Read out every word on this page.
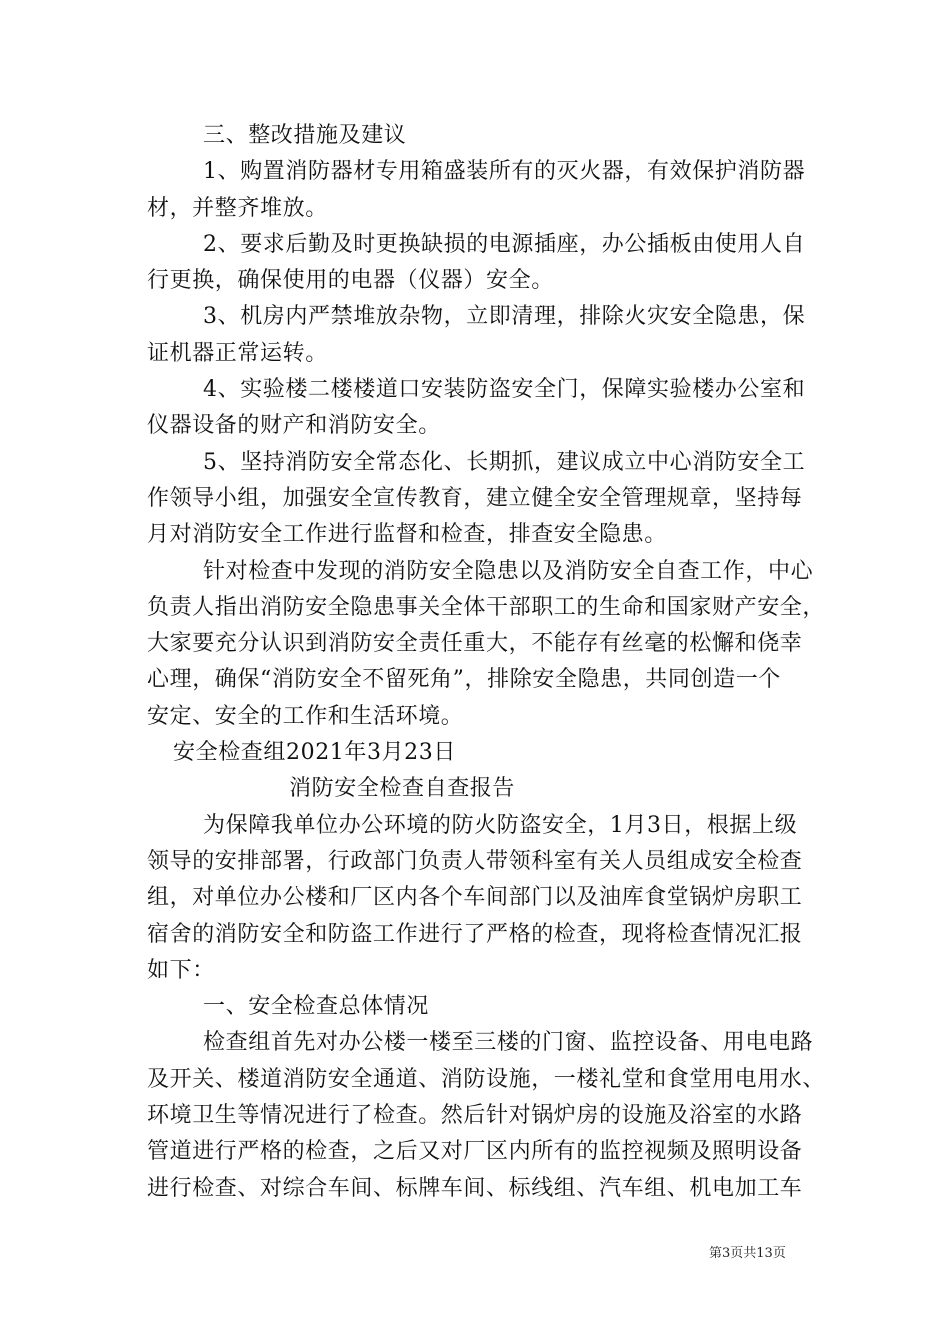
三、整改措施及建议
1、购置消防器材专用箱盛装所有的灭火器，有效保护消防器
材，并整齐堆放。
2、要求后勤及时更换缺损的电源插座，办公插板由使用人自
行更换，确保使用的电器（仪器）安全。
3、机房内严禁堆放杂物，立即清理，排除火灾安全隐患，保
证机器正常运转。
4、实验楼二楼楼道口安装防盗安全门，保障实验楼办公室和
仪器设备的财产和消防安全。
5、坚持消防安全常态化、长期抓，建议成立中心消防安全工
作领导小组，加强安全宣传教育，建立健全安全管理规章，坚持每
月对消防安全工作进行监督和检查，排查安全隐患。
针对检查中发现的消防安全隐患以及消防安全自查工作，中心
负责人指出消防安全隐患事关全体干部职工的生命和国家财产安全，
大家要充分认识到消防安全责任重大，不能存有丝毫的松懈和侥幸
心理，确保“消防安全不留死角”，排除安全隐患，共同创造一个
安定、安全的工作和生活环境。
安全检查组2021年3月23日
消防安全检查自查报告
为保障我单位办公环境的防火防盗安全，1月3日，根据上级
领导的安排部署，行政部门负责人带领科室有关人员组成安全检查
组，对单位办公楼和厂区内各个车间部门以及油库食堂锅炉房职工
宿舍的消防安全和防盗工作进行了严格的检查，现将检查情况汇报
如下：
一、安全检查总体情况
检查组首先对办公楼一楼至三楼的门窗、监控设备、用电电路
及开关、楼道消防安全通道、消防设施，一楼礼堂和食堂用电用水、
环境卫生等情况进行了检查。然后针对锅炉房的设施及浴室的水路
管道进行严格的检查，之后又对厂区内所有的监控视频及照明设备
进行检查、对综合车间、标牌车间、标线组、汽车组、机电加工车
第3页共13页
